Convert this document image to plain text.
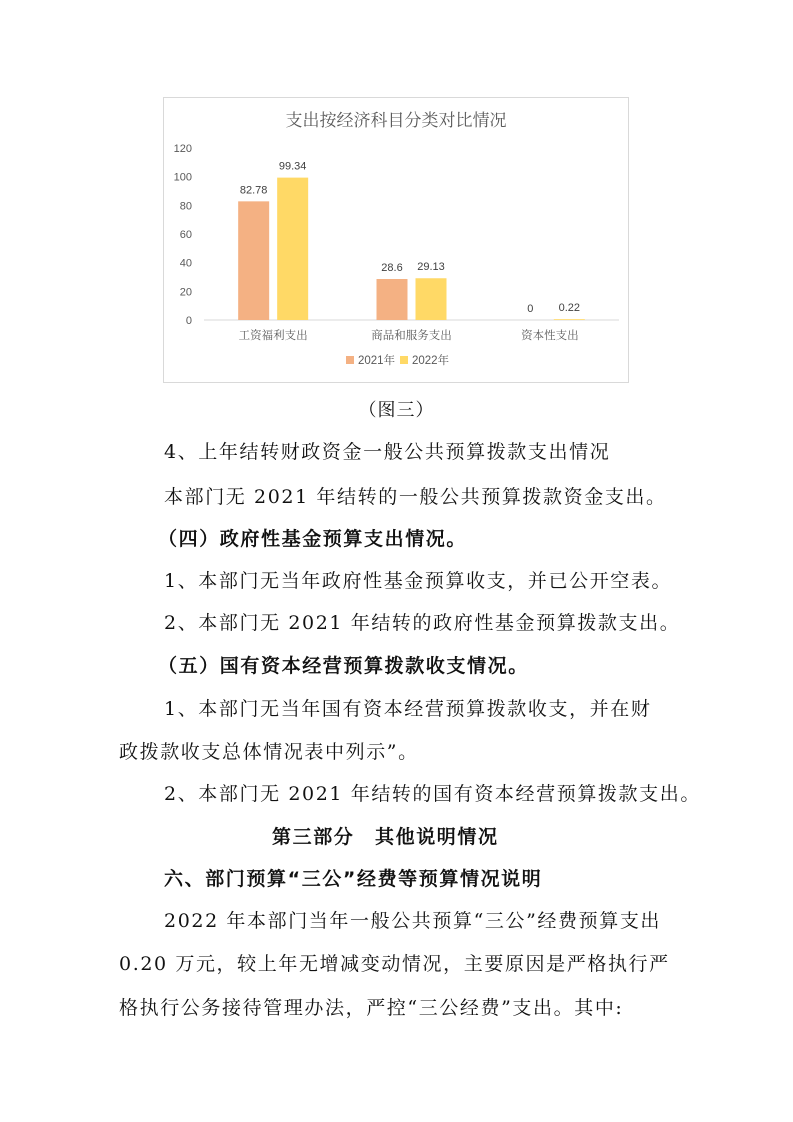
支出按经济科目分类对比情况
0
20
40
60
80
100
120
82.78
99.34
工资福利支出
28.6 29.13
商品和服务支出
0 0.22
资本性支出
2021年 2022年
（图三）
4、上年结转财政资金一般公共预算拨款支出情况
本部门无 2021 年结转的一般公共预算拨款资金支出。
（四）政府性基金预算支出情况。
1、本部门无当年政府性基金预算收支，并已公开空表。
2、本部门无 2021 年结转的政府性基金预算拨款支出。
（五）国有资本经营预算拨款收支情况。
1、本部门无当年国有资本经营预算拨款收支，并在财
政拨款收支总体情况表中列示”。
2、本部门无 2021 年结转的国有资本经营预算拨款支出。
第三部分　其他说明情况
六、部门预算“三公”经费等预算情况说明
2022 年本部门当年一般公共预算“三公”经费预算支出
0.20 万元，较上年无增减变动情况，主要原因是严格执行严
格执行公务接待管理办法，严控“三公经费”支出。其中:
